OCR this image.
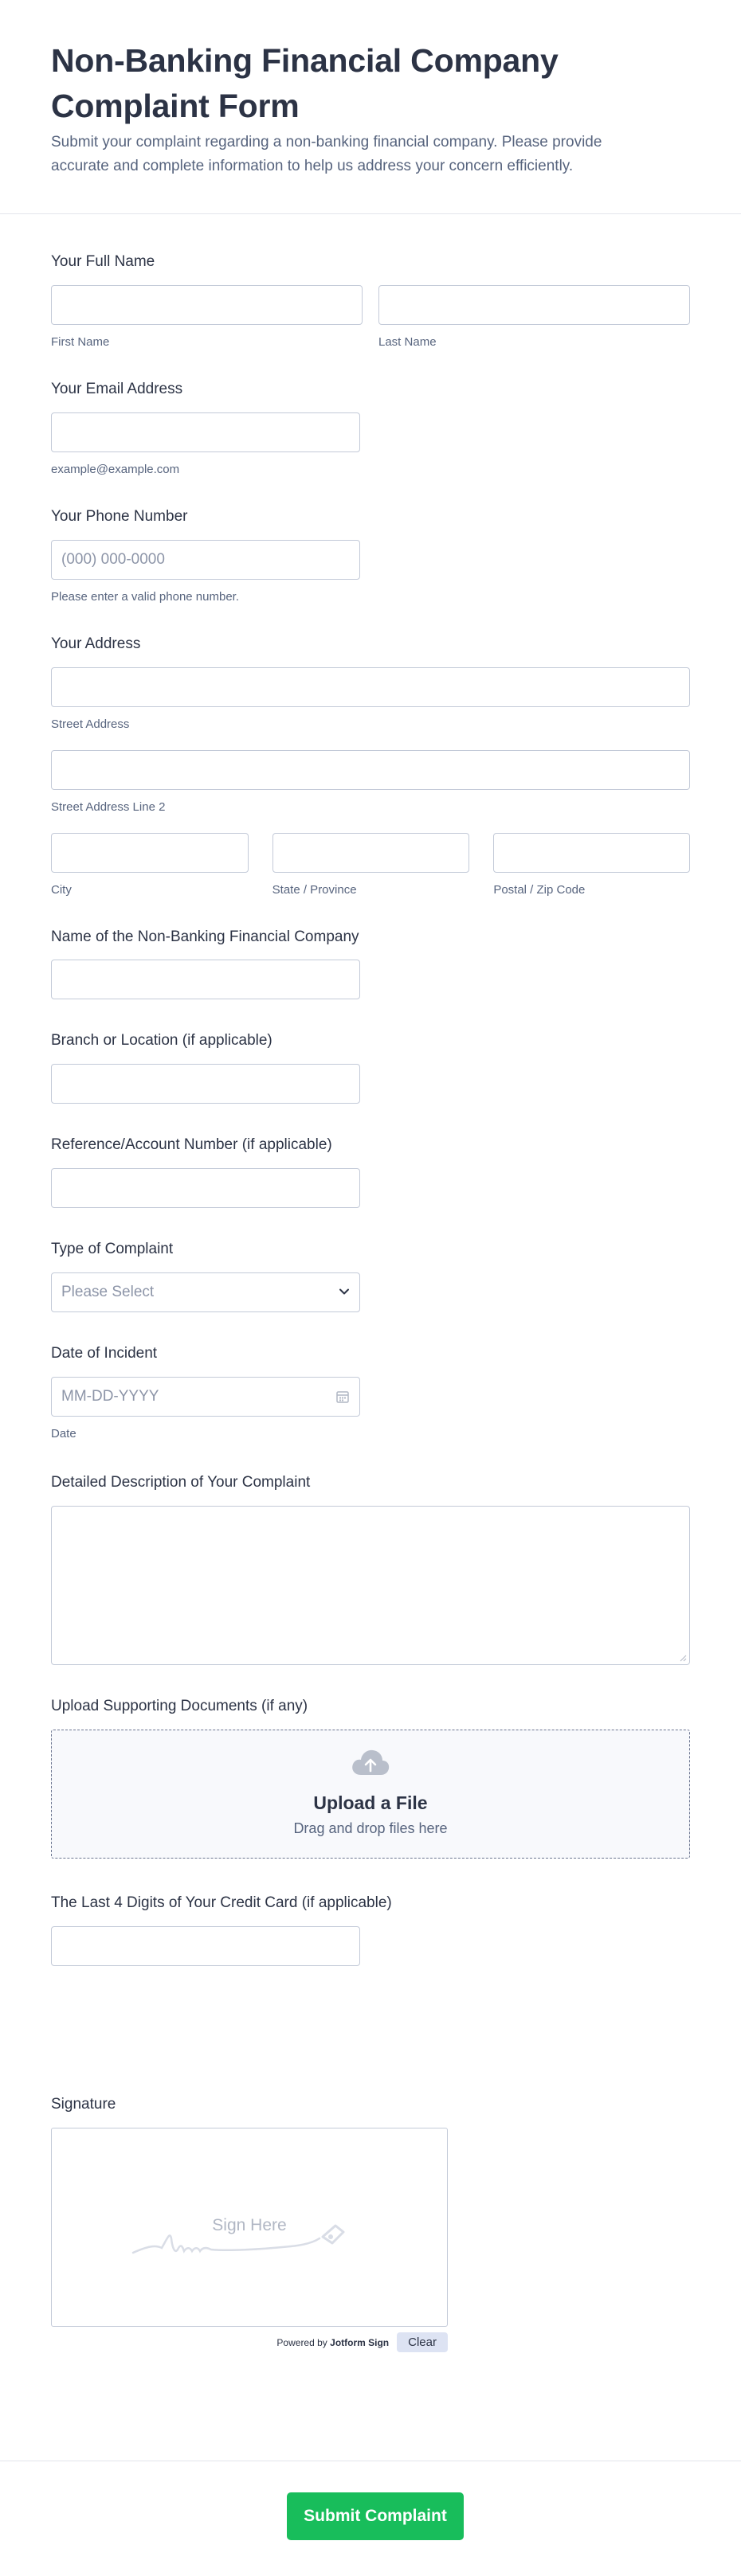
Non-Banking Financial Company
Complaint Form
Submit your complaint regarding a non-banking financial company. Please provide
accurate and complete information to help us address your concern efficiently.
Your Full Name
First Name	Last Name
Your Email Address
example@example.com
Your Phone Number
(000) 000-0000
Please enter a valid phone number.
Your Address
Street Address
Street Address Line 2
City	State / Province	Postal / Zip Code
Name of the Non-Banking Financial Company
Branch or Location (if applicable)
Reference/Account Number (if applicable)
Type of Complaint
Please Select
Date of Incident
MM-DD-YYYY
Date
Detailed Description of Your Complaint
Upload Supporting Documents (if any)
Upload a File
Drag and drop files here
The Last 4 Digits of Your Credit Card (if applicable)
Signature
Sign Here
Powered by Jotform Sign	Clear
Submit Complaint
